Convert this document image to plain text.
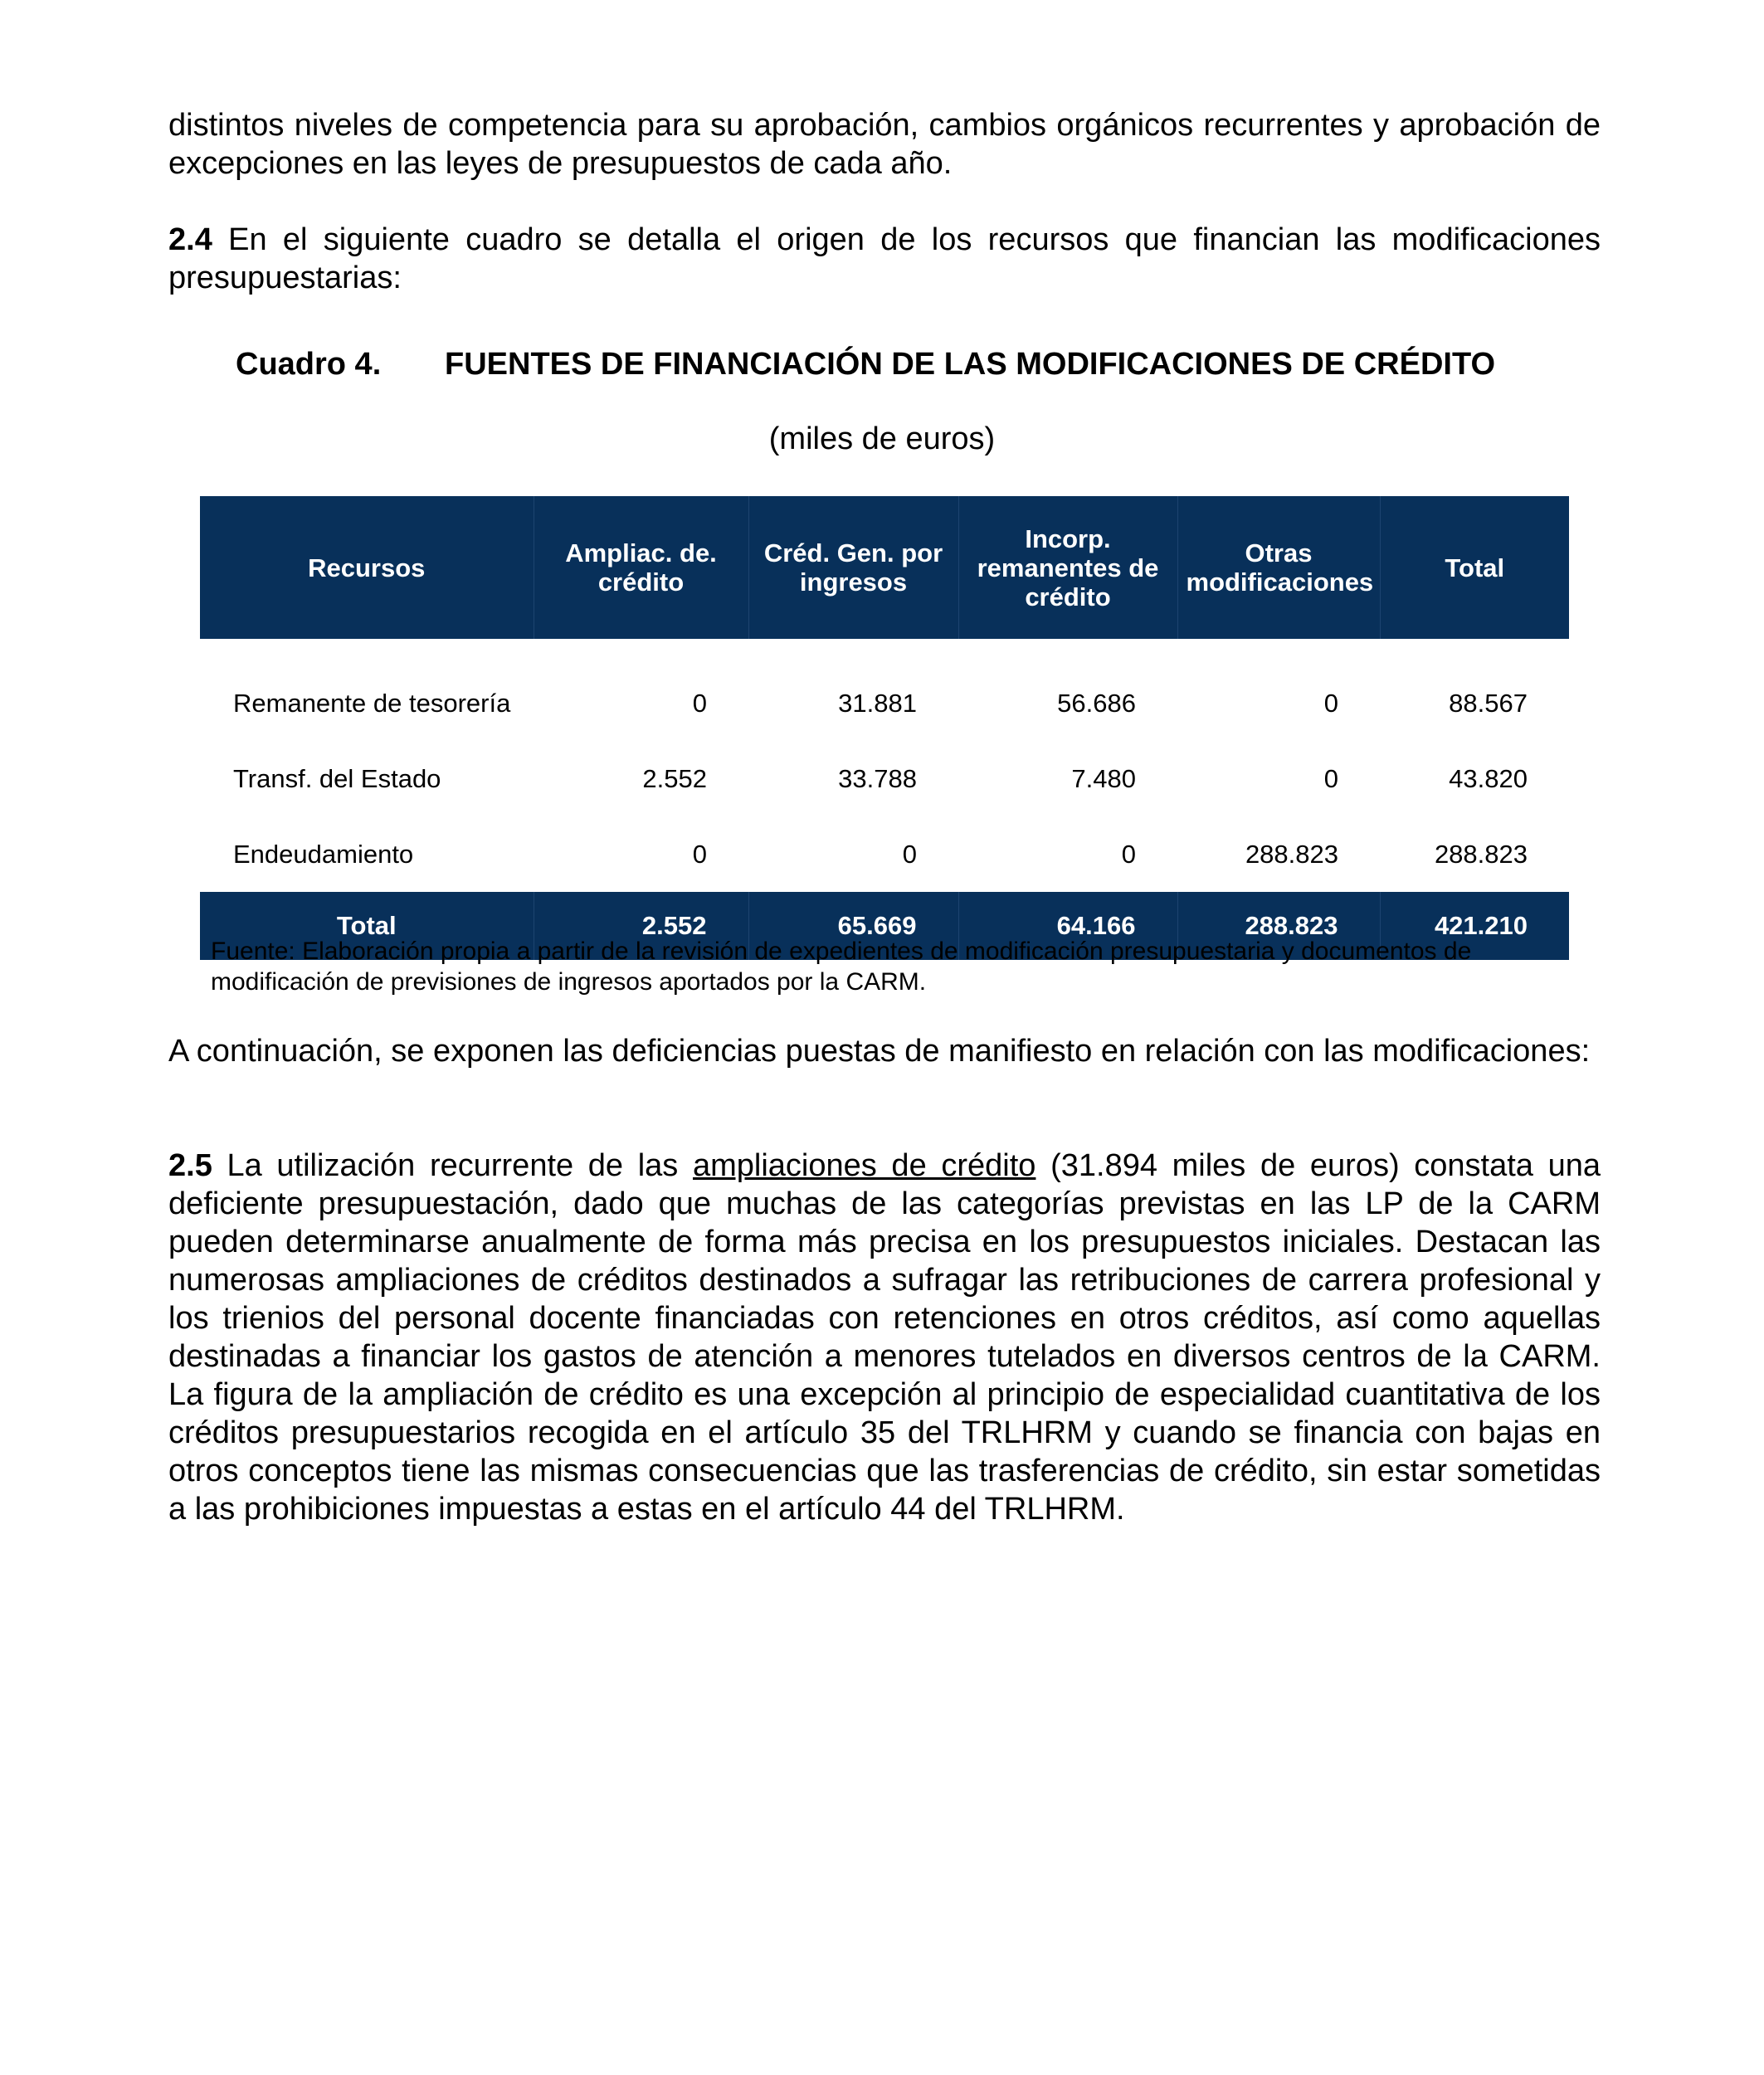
distintos niveles de competencia para su aprobación, cambios orgánicos recurrentes y aprobación de excepciones en las leyes de presupuestos de cada año.

2.4 En el siguiente cuadro se detalla el origen de los recursos que financian las modificaciones presupuestarias:

Cuadro 4. FUENTES DE FINANCIACIÓN DE LAS MODIFICACIONES DE CRÉDITO
(miles de euros)
Recursos	Ampliac. de. crédito	Créd. Gen. por ingresos	Incorp. remanentes de crédito	Otras modificaciones	Total
Remanente de tesorería	0	31.881	56.686	0	88.567
Transf. del Estado	2.552	33.788	7.480	0	43.820
Endeudamiento	0	0	0	288.823	288.823
Total	2.552	65.669	64.166	288.823	421.210
Fuente: Elaboración propia a partir de la revisión de expedientes de modificación presupuestaria y documentos de modificación de previsiones de ingresos aportados por la CARM.

A continuación, se exponen las deficiencias puestas de manifiesto en relación con las modificaciones:

2.5 La utilización recurrente de las ampliaciones de crédito (31.894 miles de euros) constata una deficiente presupuestación, dado que muchas de las categorías previstas en las LP de la CARM pueden determinarse anualmente de forma más precisa en los presupuestos iniciales. Destacan las numerosas ampliaciones de créditos destinados a sufragar las retribuciones de carrera profesional y los trienios del personal docente financiadas con retenciones en otros créditos, así como aquellas destinadas a financiar los gastos de atención a menores tutelados en diversos centros de la CARM. La figura de la ampliación de crédito es una excepción al principio de especialidad cuantitativa de los créditos presupuestarios recogida en el artículo 35 del TRLHRM y cuando se financia con bajas en otros conceptos tiene las mismas consecuencias que las trasferencias de crédito, sin estar sometidas a las prohibiciones impuestas a estas en el artículo 44 del TRLHRM.
